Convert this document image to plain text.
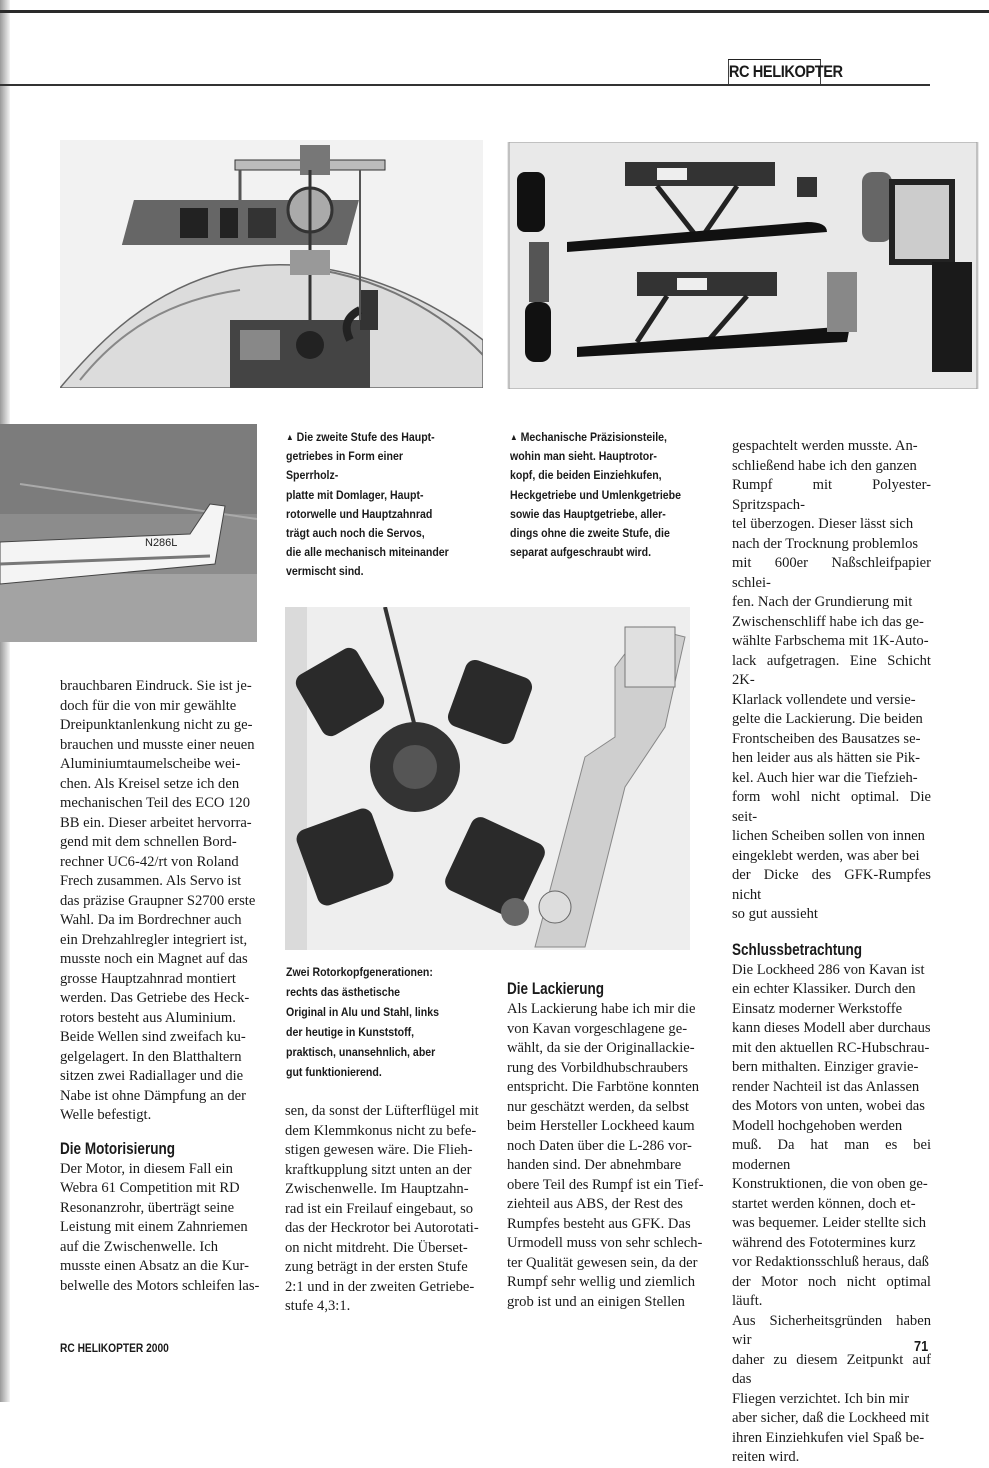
RC HELIKOPTER
N286L
▲ Die zweite Stufe des Haupt-
getriebes in Form einer Sperrholz-
platte mit Domlager, Haupt-
rotorwelle und Hauptzahnrad
trägt auch noch die Servos,
die alle mechanisch miteinander
vermischt sind.
▲ Mechanische Präzisionsteile,
wohin man sieht. Hauptrotor-
kopf, die beiden Einziehkufen,
Heckgetriebe und Umlenkgetriebe
sowie das Hauptgetriebe, aller-
dings ohne die zweite Stufe, die
separat aufgeschraubt wird.
Zwei Rotorkopfgenerationen:
rechts das ästhetische
Original in Alu und Stahl, links
der heutige in Kunststoff,
praktisch, unansehnlich, aber
gut funktionierend.
brauchbaren Eindruck. Sie ist je-
doch für die von mir gewählte
Dreipunktanlenkung nicht zu ge-
brauchen und musste einer neuen
Aluminiumtaumelscheibe wei-
chen. Als Kreisel setze ich den
mechanischen Teil des ECO 120
BB ein. Dieser arbeitet hervorra-
gend mit dem schnellen Bord-
rechner UC6-42/rt von Roland
Frech zusammen. Als Servo ist
das präzise Graupner S2700 erste
Wahl. Da im Bordrechner auch
ein Drehzahlregler integriert ist,
musste noch ein Magnet auf das
grosse Hauptzahnrad montiert
werden. Das Getriebe des Heck-
rotors besteht aus Aluminium.
Beide Wellen sind zweifach ku-
gelgelagert. In den Blatthaltern
sitzen zwei Radiallager und die
Nabe ist ohne Dämpfung an der
Welle befestigt.
Die Motorisierung
Der Motor, in diesem Fall ein
Webra 61 Competition mit RD
Resonanzrohr, überträgt seine
Leistung mit einem Zahnriemen
auf die Zwischenwelle. Ich
musste einen Absatz an die Kur-
belwelle des Motors schleifen las-
sen, da sonst der Lüfterflügel mit
dem Klemmkonus nicht zu befe-
stigen gewesen wäre. Die Flieh-
kraftkupplung sitzt unten an der
Zwischenwelle. Im Hauptzahn-
rad ist ein Freilauf eingebaut, so
das der Heckrotor bei Autorotati-
on nicht mitdreht. Die Überset-
zung beträgt in der ersten Stufe
2:1 und in der zweiten Getriebe-
stufe 4,3:1.
Die Lackierung
Als Lackierung habe ich mir die
von Kavan vorgeschlagene ge-
wählt, da sie der Originallackie-
rung des Vorbildhubschraubers
entspricht. Die Farbtöne konnten
nur geschätzt werden, da selbst
beim Hersteller Lockheed kaum
noch Daten über die L-286 vor-
handen sind. Der abnehmbare
obere Teil des Rumpf ist ein Tief-
ziehteil aus ABS, der Rest des
Rumpfes besteht aus GFK. Das
Urmodell muss von sehr schlech-
ter Qualität gewesen sein, da der
Rumpf sehr wellig und ziemlich
grob ist und an einigen Stellen
gespachtelt werden musste. An-
schließend habe ich den ganzen
Rumpf mit Polyester-Spritzspach-
tel überzogen. Dieser lässt sich
nach der Trocknung problemlos
mit 600er Naßschleifpapier schlei-
fen. Nach der Grundierung mit
Zwischenschliff habe ich das ge-
wählte Farbschema mit 1K-Auto-
lack aufgetragen. Eine Schicht 2K-
Klarlack vollendete und versie-
gelte die Lackierung. Die beiden
Frontscheiben des Bausatzes se-
hen leider aus als hätten sie Pik-
kel. Auch hier war die Tiefzieh-
form wohl nicht optimal. Die seit-
lichen Scheiben sollen von innen
eingeklebt werden, was aber bei
der Dicke des GFK-Rumpfes nicht
so gut aussieht
Schlussbetrachtung
Die Lockheed 286 von Kavan ist
ein echter Klassiker. Durch den
Einsatz moderner Werkstoffe
kann dieses Modell aber durchaus
mit den aktuellen RC-Hubschrau-
bern mithalten. Einziger gravie-
render Nachteil ist das Anlassen
des Motors von unten, wobei das
Modell hochgehoben werden
muß. Da hat man es bei modernen
Konstruktionen, die von oben ge-
startet werden können, doch et-
was bequemer. Leider stellte sich
während des Fototermines kurz
vor Redaktionsschluß heraus, daß
der Motor noch nicht optimal läuft.
Aus Sicherheitsgründen haben wir
daher zu diesem Zeitpunkt auf das
Fliegen verzichtet. Ich bin mir
aber sicher, daß die Lockheed mit
ihren Einziehkufen viel Spaß be-
reiten wird.
RC HELIKOPTER 2000	71
